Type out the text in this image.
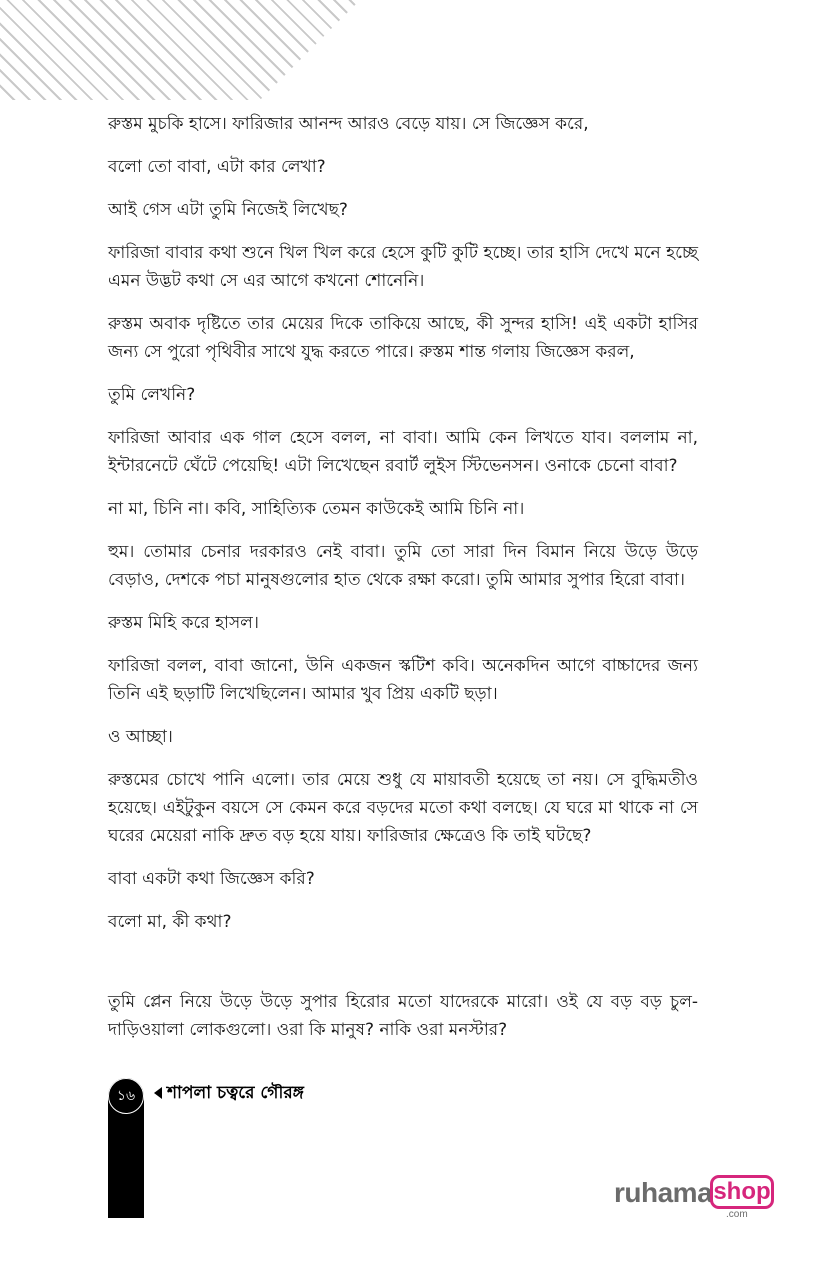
রুস্তম মুচকি হাসে। ফারিজার আনন্দ আরও বেড়ে যায়। সে জিজ্ঞেস করে,

বলো তো বাবা, এটা কার লেখা?

আই গেস এটা তুমি নিজেই লিখেছ?

ফারিজা বাবার কথা শুনে খিল খিল করে হেসে কুটি কুটি হচ্ছে। তার হাসি দেখে মনে হচ্ছে এমন উদ্ভট কথা সে এর আগে কখনো শোনেনি।

রুস্তম অবাক দৃষ্টিতে তার মেয়ের দিকে তাকিয়ে আছে, কী সুন্দর হাসি! এই একটা হাসির জন্য সে পুরো পৃথিবীর সাথে যুদ্ধ করতে পারে। রুস্তম শান্ত গলায় জিজ্ঞেস করল,

তুমি লেখনি?

ফারিজা আবার এক গাল হেসে বলল, না বাবা। আমি কেন লিখতে যাব। বললাম না, ইন্টারনেটে ঘেঁটে পেয়েছি! এটা লিখেছেন রবার্ট লুইস স্টিভেনসন। ওনাকে চেনো বাবা?

না মা, চিনি না। কবি, সাহিত্যিক তেমন কাউকেই আমি চিনি না।

হুম। তোমার চেনার দরকারও নেই বাবা। তুমি তো সারা দিন বিমান নিয়ে উড়ে উড়ে বেড়াও, দেশকে পচা মানুষগুলোর হাত থেকে রক্ষা করো। তুমি আমার সুপার হিরো বাবা।

রুস্তম মিহি করে হাসল।

ফারিজা বলল, বাবা জানো, উনি একজন স্কটিশ কবি। অনেকদিন আগে বাচ্চাদের জন্য তিনি এই ছড়াটি লিখেছিলেন। আমার খুব প্রিয় একটি ছড়া।

ও আচ্ছা।

রুস্তমের চোখে পানি এলো। তার মেয়ে শুধু যে মায়াবতী হয়েছে তা নয়। সে বুদ্ধিমতীও হয়েছে। এইটুকুন বয়সে সে কেমন করে বড়দের মতো কথা বলছে। যে ঘরে মা থাকে না সে ঘরের মেয়েরা নাকি দ্রুত বড় হয়ে যায়। ফারিজার ক্ষেত্রেও কি তাই ঘটছে?

বাবা একটা কথা জিজ্ঞেস করি?

বলো মা, কী কথা?

তুমি প্লেন নিয়ে উড়ে উড়ে সুপার হিরোর মতো যাদেরকে মারো। ওই যে বড় বড় চুল-দাড়িওয়ালা লোকগুলো। ওরা কি মানুষ? নাকি ওরা মনস্টার?

১৬	শাপলা চত্বরে গৌরঙ্গ
ruhama shop
.com
